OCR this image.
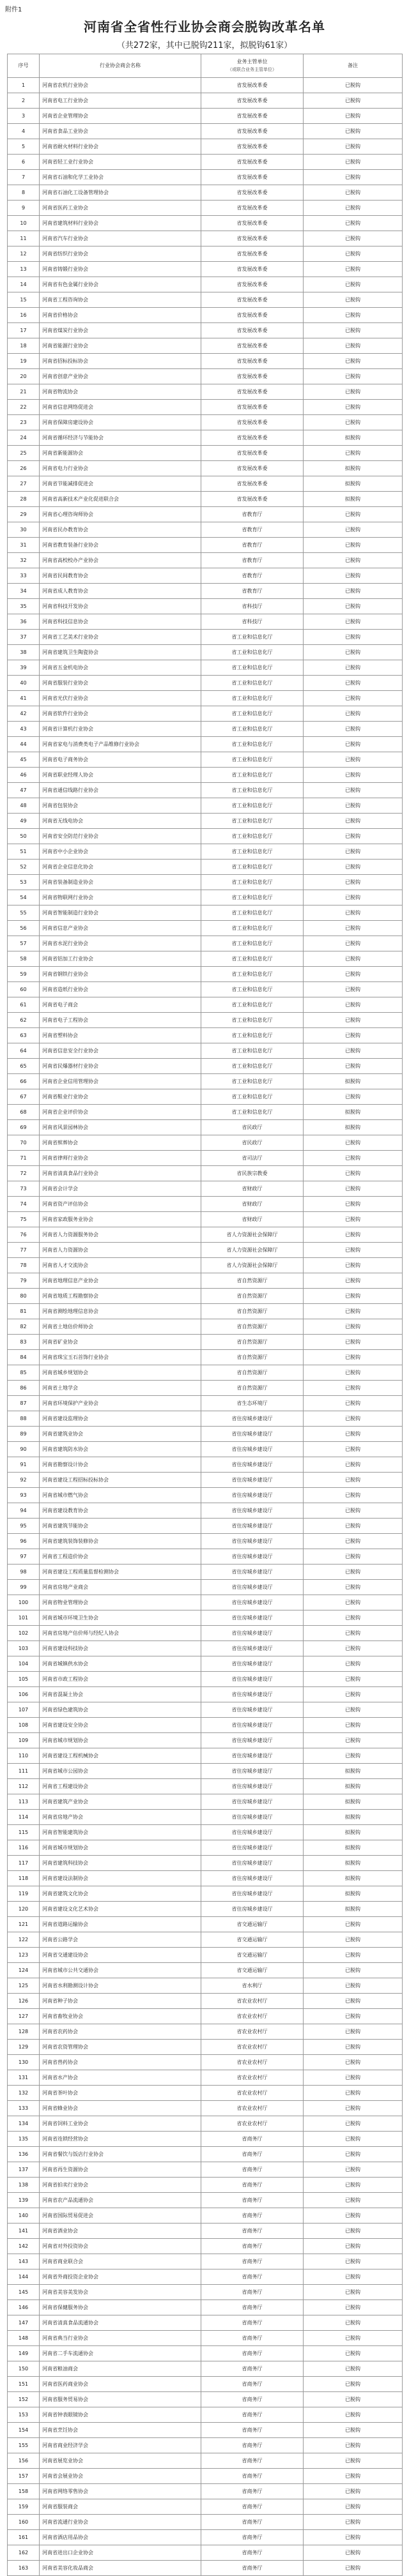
附件1
河南省全省性行业协会商会脱钩改革名单
（共272家，其中已脱钩211家，拟脱钩61家）
序号	行业协会商会名称	业务主管单位
（或联合业务主管单位）	备注
1	河南省农机行业协会	省发展改革委	已脱钩
2	河南省电工行业协会	省发展改革委	已脱钩
3	河南省企业管理协会	省发展改革委	已脱钩
4	河南省食品工业协会	省发展改革委	已脱钩
5	河南省耐火材料行业协会	省发展改革委	已脱钩
6	河南省轻工业行业协会	省发展改革委	已脱钩
7	河南省石油和化学工业协会	省发展改革委	已脱钩
8	河南省石油化工设备管理协会	省发展改革委	已脱钩
9	河南省医药工业协会	省发展改革委	已脱钩
10	河南省建筑材料行业协会	省发展改革委	已脱钩
11	河南省汽车行业协会	省发展改革委	已脱钩
12	河南省纺织行业协会	省发展改革委	已脱钩
13	河南省铸锻行业协会	省发展改革委	已脱钩
14	河南省有色金属行业协会	省发展改革委	已脱钩
15	河南省工程咨询协会	省发展改革委	已脱钩
16	河南省价格协会	省发展改革委	已脱钩
17	河南省煤炭行业协会	省发展改革委	已脱钩
18	河南省能源行业协会	省发展改革委	已脱钩
19	河南省招标投标协会	省发展改革委	已脱钩
20	河南省创意产业协会	省发展改革委	已脱钩
21	河南省物流协会	省发展改革委	已脱钩
22	河南省信息网络促进会	省发展改革委	已脱钩
23	河南省保障房建设协会	省发展改革委	已脱钩
24	河南省循环经济与节能协会	省发展改革委	拟脱钩
25	河南省新能源协会	省发展改革委	已脱钩
26	河南省电力行业协会	省发展改革委	拟脱钩
27	河南省节能减排促进会	省发展改革委	拟脱钩
28	河南省高新技术产业化促进联合会	省发展改革委	拟脱钩
29	河南省心理咨询师协会	省教育厅	已脱钩
30	河南省民办教育协会	省教育厅	已脱钩
31	河南省教育装备行业协会	省教育厅	已脱钩
32	河南省高校校办产业协会	省教育厅	已脱钩
33	河南省民间教育协会	省教育厅	已脱钩
34	河南省成人教育协会	省教育厅	已脱钩
35	河南省科技开发协会	省科技厅	已脱钩
36	河南省科技信息协会	省科技厅	已脱钩
37	河南省工艺美术行业协会	省工业和信息化厅	已脱钩
38	河南省建筑卫生陶瓷协会	省工业和信息化厅	已脱钩
39	河南省五金机电协会	省工业和信息化厅	已脱钩
40	河南省服装行业协会	省工业和信息化厅	已脱钩
41	河南省光伏行业协会	省工业和信息化厅	已脱钩
42	河南省软件行业协会	省工业和信息化厅	已脱钩
43	河南省计算机行业协会	省工业和信息化厅	已脱钩
44	河南省家电与消费类电子产品维修行业协会	省工业和信息化厅	已脱钩
45	河南省电子商务协会	省工业和信息化厅	已脱钩
46	河南省职业经理人协会	省工业和信息化厅	已脱钩
47	河南省通信线路行业协会	省工业和信息化厅	已脱钩
48	河南省包装协会	省工业和信息化厅	已脱钩
49	河南省无线电协会	省工业和信息化厅	已脱钩
50	河南省安全防范行业协会	省工业和信息化厅	已脱钩
51	河南省中小企业协会	省工业和信息化厅	已脱钩
52	河南省企业信息化协会	省工业和信息化厅	已脱钩
53	河南省装备制造业协会	省工业和信息化厅	已脱钩
54	河南省物联网行业协会	省工业和信息化厅	已脱钩
55	河南省智能制造行业协会	省工业和信息化厅	已脱钩
56	河南省信息产业协会	省工业和信息化厅	已脱钩
57	河南省水泥行业协会	省工业和信息化厅	已脱钩
58	河南省铝加工行业协会	省工业和信息化厅	已脱钩
59	河南省钢铁行业协会	省工业和信息化厅	已脱钩
60	河南省造纸行业协会	省工业和信息化厅	已脱钩
61	河南省电子商会	省工业和信息化厅	已脱钩
62	河南省电子工程协会	省工业和信息化厅	已脱钩
63	河南省塑料协会	省工业和信息化厅	已脱钩
64	河南省信息安全行业协会	省工业和信息化厅	已脱钩
65	河南省民爆器材行业协会	省工业和信息化厅	已脱钩
66	河南省企业信用管理协会	省工业和信息化厅	拟脱钩
67	河南省鞋业行业协会	省工业和信息化厅	已脱钩
68	河南省企业评价协会	省工业和信息化厅	拟脱钩
69	河南省风景园林协会	省民政厅	拟脱钩
70	河南省殡葬协会	省民政厅	已脱钩
71	河南省律师行业协会	省司法厅	已脱钩
72	河南省清真食品行业协会	省民族宗教委	已脱钩
73	河南省会计学会	省财政厅	已脱钩
74	河南省资产评估协会	省财政厅	已脱钩
75	河南省家政服务业协会	省财政厅	已脱钩
76	河南省人力资源服务协会	省人力资源社会保障厅	已脱钩
77	河南省人力资源协会	省人力资源社会保障厅	已脱钩
78	河南省人才交流协会	省人力资源社会保障厅	已脱钩
79	河南省地理信息产业协会	省自然资源厅	已脱钩
80	河南省地质工程勘察协会	省自然资源厅	已脱钩
81	河南省测绘地理信息协会	省自然资源厅	已脱钩
82	河南省土地估价师协会	省自然资源厅	已脱钩
83	河南省矿业协会	省自然资源厅	已脱钩
84	河南省珠宝玉石首饰行业协会	省自然资源厅	已脱钩
85	河南省城乡规划协会	省自然资源厅	已脱钩
86	河南省土地学会	省自然资源厅	已脱钩
87	河南省环境保护产业协会	省生态环境厅	已脱钩
88	河南省建设监理协会	省住房城乡建设厅	已脱钩
89	河南省建筑业协会	省住房城乡建设厅	已脱钩
90	河南省建筑防水协会	省住房城乡建设厅	已脱钩
91	河南省勘察设计协会	省住房城乡建设厅	已脱钩
92	河南省建设工程招标投标协会	省住房城乡建设厅	已脱钩
93	河南省城市燃气协会	省住房城乡建设厅	已脱钩
94	河南省建设教育协会	省住房城乡建设厅	已脱钩
95	河南省建筑节能协会	省住房城乡建设厅	已脱钩
96	河南省建筑装饰装修协会	省住房城乡建设厅	已脱钩
97	河南省工程造价协会	省住房城乡建设厅	已脱钩
98	河南省建设工程质量监督检测协会	省住房城乡建设厅	已脱钩
99	河南省房地产业商会	省住房城乡建设厅	已脱钩
100	河南省物业管理协会	省住房城乡建设厅	已脱钩
101	河南省城市环境卫生协会	省住房城乡建设厅	已脱钩
102	河南省房地产估价师与经纪人协会	省住房城乡建设厅	已脱钩
103	河南省建设科技协会	省住房城乡建设厅	已脱钩
104	河南省城镇供水协会	省住房城乡建设厅	已脱钩
105	河南省市政工程协会	省住房城乡建设厅	已脱钩
106	河南省混凝土协会	省住房城乡建设厅	已脱钩
107	河南省绿色建筑协会	省住房城乡建设厅	已脱钩
108	河南省建设安全协会	省住房城乡建设厅	已脱钩
109	河南省城市规划协会	省住房城乡建设厅	已脱钩
110	河南省建设工程机械协会	省住房城乡建设厅	已脱钩
111	河南省城市公园协会	省住房城乡建设厅	拟脱钩
112	河南省工程建设协会	省住房城乡建设厅	拟脱钩
113	河南省建筑产业协会	省住房城乡建设厅	拟脱钩
114	河南省房地产协会	省住房城乡建设厅	拟脱钩
115	河南省智能建筑协会	省住房城乡建设厅	拟脱钩
116	河南省城市规划协会	省住房城乡建设厅	拟脱钩
117	河南省建筑科技协会	省住房城乡建设厅	拟脱钩
118	河南省建设法制协会	省住房城乡建设厅	拟脱钩
119	河南省建筑文化协会	省住房城乡建设厅	拟脱钩
120	河南省建设文化艺术协会	省住房城乡建设厅	拟脱钩
121	河南省道路运输协会	省交通运输厅	已脱钩
122	河南省公路学会	省交通运输厅	已脱钩
123	河南省交通建设协会	省交通运输厅	已脱钩
124	河南省城市公共交通协会	省交通运输厅	已脱钩
125	河南省水利勘测设计协会	省水利厅	已脱钩
126	河南省种子协会	省农业农村厅	已脱钩
127	河南省畜牧业协会	省农业农村厅	已脱钩
128	河南省农药协会	省农业农村厅	已脱钩
129	河南省农资管理协会	省农业农村厅	已脱钩
130	河南省兽药协会	省农业农村厅	已脱钩
131	河南省水产协会	省农业农村厅	已脱钩
132	河南省茶叶协会	省农业农村厅	已脱钩
133	河南省蜂业协会	省农业农村厅	已脱钩
134	河南省饲料工业协会	省农业农村厅	已脱钩
135	河南省连锁经营协会	省商务厅	已脱钩
136	河南省餐饮与饭店行业协会	省商务厅	已脱钩
137	河南省再生资源协会	省商务厅	已脱钩
138	河南省拍卖行业协会	省商务厅	已脱钩
139	河南省农产品流通协会	省商务厅	已脱钩
140	河南省国际贸易促进会	省商务厅	已脱钩
141	河南省酒业协会	省商务厅	已脱钩
142	河南省对外投资协会	省商务厅	已脱钩
143	河南省商业联合会	省商务厅	已脱钩
144	河南省外商投资企业协会	省商务厅	已脱钩
145	河南省美容美发协会	省商务厅	已脱钩
146	河南省保健服务协会	省商务厅	已脱钩
147	河南省清真食品流通协会	省商务厅	已脱钩
148	河南省典当行业协会	省商务厅	已脱钩
149	河南省二手车流通协会	省商务厅	已脱钩
150	河南省粮油商会	省商务厅	已脱钩
151	河南省医药商业协会	省商务厅	已脱钩
152	河南省服务贸易协会	省商务厅	已脱钩
153	河南省钟表眼镜协会	省商务厅	已脱钩
154	河南省烹饪协会	省商务厅	已脱钩
155	河南省商业经济学会	省商务厅	已脱钩
156	河南省展览业协会	省商务厅	已脱钩
157	河南省会展业协会	省商务厅	已脱钩
158	河南省网络零售协会	省商务厅	已脱钩
159	河南省服装商会	省商务厅	已脱钩
160	河南省流通行业协会	省商务厅	已脱钩
161	河南省酒店用品协会	省商务厅	已脱钩
162	河南省进出口企业协会	省商务厅	已脱钩
163	河南省美容化妆品商会	省商务厅	已脱钩
